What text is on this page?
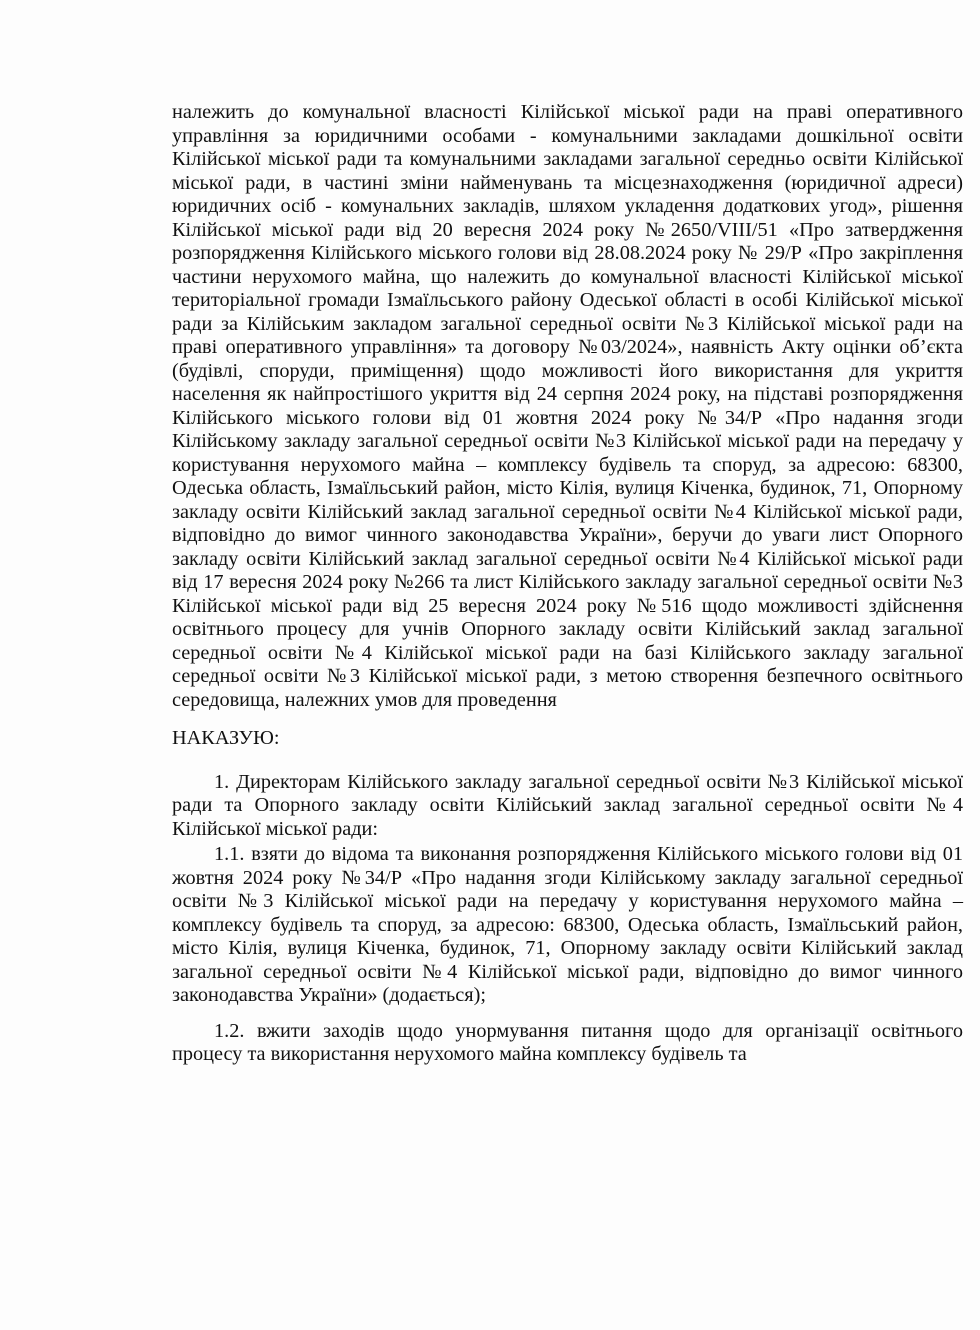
належить до комунальної власності Кілійської міської ради на праві оперативного управління за юридичними особами - комунальними закладами дошкільної освіти Кілійської міської ради та комунальними закладами загальної середньо освіти Кілійської міської ради, в частині зміни найменувань та місцезнаходження (юридичної адреси) юридичних осіб - комунальних закладів, шляхом укладення додаткових угод», рішення Кілійської міської ради від 20 вересня 2024 року №2650/VIII/51 «Про затвердження розпорядження Кілійського міського голови від 28.08.2024 року № 29/Р «Про закріплення частини нерухомого майна, що належить до комунальної власності Кілійської міської територіальної громади Ізмаїльського району Одеської області в особі Кілійської міської ради за Кілійським закладом загальної середньої освіти №3 Кілійської міської ради на праві оперативного управління» та договору №03/2024», наявність Акту оцінки об’єкта (будівлі, споруди, приміщення) щодо можливості його використання для укриття населення як найпростішого укриття від 24 серпня 2024 року, на підставі розпорядження Кілійського міського голови від 01 жовтня 2024 року №34/Р «Про надання згоди Кілійському закладу загальної середньої освіти №3 Кілійської міської ради на передачу у користування нерухомого майна – комплексу будівель та споруд, за адресою: 68300, Одеська область, Ізмаїльський район, місто Кілія, вулиця Кіченка, будинок, 71, Опорному закладу освіти Кілійський заклад загальної середньої освіти №4 Кілійської міської ради, відповідно до вимог чинного законодавства України», беручи до уваги лист Опорного закладу освіти Кілійський заклад загальної середньої освіти №4 Кілійської міської ради від 17 вересня 2024 року №266 та лист Кілійського закладу загальної середньої освіти №3 Кілійської міської ради від 25 вересня 2024 року №516 щодо можливості здійснення освітнього процесу для учнів Опорного закладу освіти Кілійський заклад загальної середньої освіти №4 Кілійської міської ради на базі Кілійського закладу загальної середньої освіти №3 Кілійської міської ради, з метою створення безпечного освітнього середовища, належних умов для проведення

НАКАЗУЮ:

1. Директорам Кілійського закладу загальної середньої освіти №3 Кілійської міської ради та Опорного закладу освіти Кілійський заклад загальної середньої освіти №4 Кілійської міської ради:

1.1. взяти до відома та виконання розпорядження Кілійського міського голови від 01 жовтня 2024 року №34/Р «Про надання згоди Кілійському закладу загальної середньої освіти №3 Кілійської міської ради на передачу у користування нерухомого майна – комплексу будівель та споруд, за адресою: 68300, Одеська область, Ізмаїльський район, місто Кілія, вулиця Кіченка, будинок, 71, Опорному закладу освіти Кілійський заклад загальної середньої освіти №4 Кілійської міської ради, відповідно до вимог чинного законодавства України» (додається);

1.2. вжити заходів щодо унормування питання щодо для організації освітнього процесу та використання нерухомого майна комплексу будівель та
